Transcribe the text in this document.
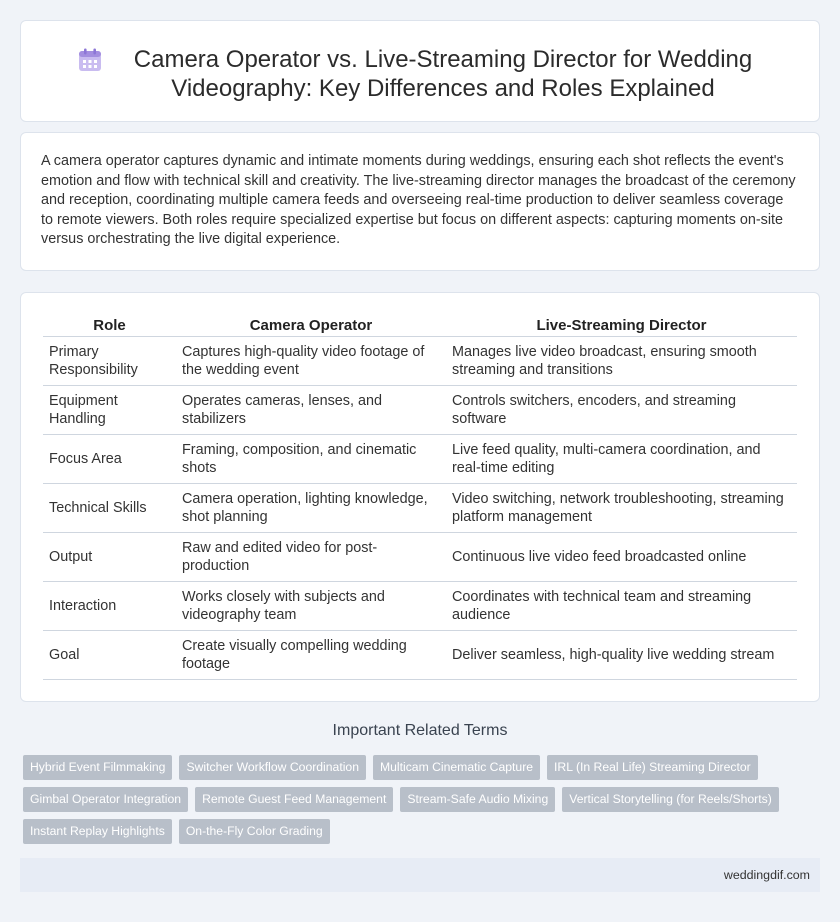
Camera Operator vs. Live-Streaming Director for Wedding Videography: Key Differences and Roles Explained

A camera operator captures dynamic and intimate moments during weddings, ensuring each shot reflects the event's emotion and flow with technical skill and creativity. The live-streaming director manages the broadcast of the ceremony and reception, coordinating multiple camera feeds and overseeing real-time production to deliver seamless coverage to remote viewers. Both roles require specialized expertise but focus on different aspects: capturing moments on-site versus orchestrating the live digital experience.

Role	Camera Operator	Live-Streaming Director
Primary Responsibility	Captures high-quality video footage of the wedding event	Manages live video broadcast, ensuring smooth streaming and transitions
Equipment Handling	Operates cameras, lenses, and stabilizers	Controls switchers, encoders, and streaming software
Focus Area	Framing, composition, and cinematic shots	Live feed quality, multi-camera coordination, and real-time editing
Technical Skills	Camera operation, lighting knowledge, shot planning	Video switching, network troubleshooting, streaming platform management
Output	Raw and edited video for post-production	Continuous live video feed broadcasted online
Interaction	Works closely with subjects and videography team	Coordinates with technical team and streaming audience
Goal	Create visually compelling wedding footage	Deliver seamless, high-quality live wedding stream
Important Related Terms
Hybrid Event Filmmaking	Switcher Workflow Coordination	Multicam Cinematic Capture	IRL (In Real Life) Streaming Director
Gimbal Operator Integration	Remote Guest Feed Management	Stream-Safe Audio Mixing	Vertical Storytelling (for Reels/Shorts)
Instant Replay Highlights	On-the-Fly Color Grading
weddingdif.com
